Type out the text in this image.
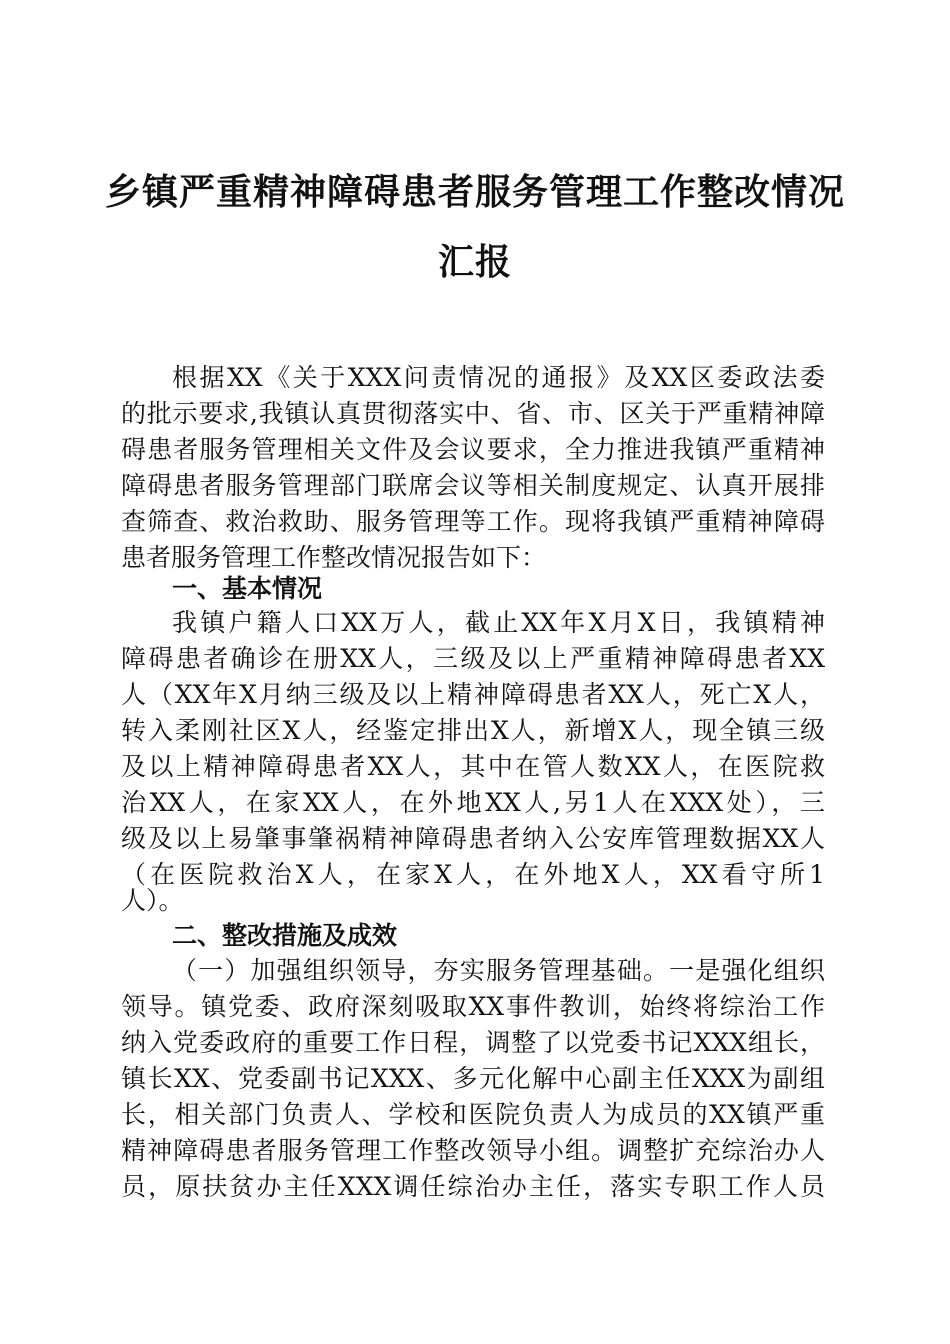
乡镇严重精神障碍患者服务管理工作整改情况
汇报
根据XX《关于XXX问责情况的通报》及XX区委政法委
的批示要求,我镇认真贯彻落实中、省、市、区关于严重精神障
碍患者服务管理相关文件及会议要求，全力推进我镇严重精神
障碍患者服务管理部门联席会议等相关制度规定、认真开展排
查筛查、救治救助、服务管理等工作。现将我镇严重精神障碍
患者服务管理工作整改情况报告如下：
一、基本情况
我镇户籍人口XX万人，截止XX年X月X日，我镇精神
障碍患者确诊在册XX人，三级及以上严重精神障碍患者XX
人（XX年X月纳三级及以上精神障碍患者XX人，死亡X人，
转入柔刚社区X人，经鉴定排出X人，新增X人，现全镇三级
及以上精神障碍患者XX人，其中在管人数XX人，在医院救
治XX人，在家XX人，在外地XX人,另1人在XXX处），三
级及以上易肇事肇祸精神障碍患者纳入公安库管理数据XX人
（在医院救治X人，在家X人，在外地X人，XX看守所1
人）。
二、整改措施及成效
（一）加强组织领导，夯实服务管理基础。一是强化组织
领导。镇党委、政府深刻吸取XX事件教训，始终将综治工作
纳入党委政府的重要工作日程，调整了以党委书记XXX组长，
镇长XX、党委副书记XXX、多元化解中心副主任XXX为副组
长，相关部门负责人、学校和医院负责人为成员的XX镇严重
精神障碍患者服务管理工作整改领导小组。调整扩充综治办人
员，原扶贫办主任XXX调任综治办主任，落实专职工作人员
